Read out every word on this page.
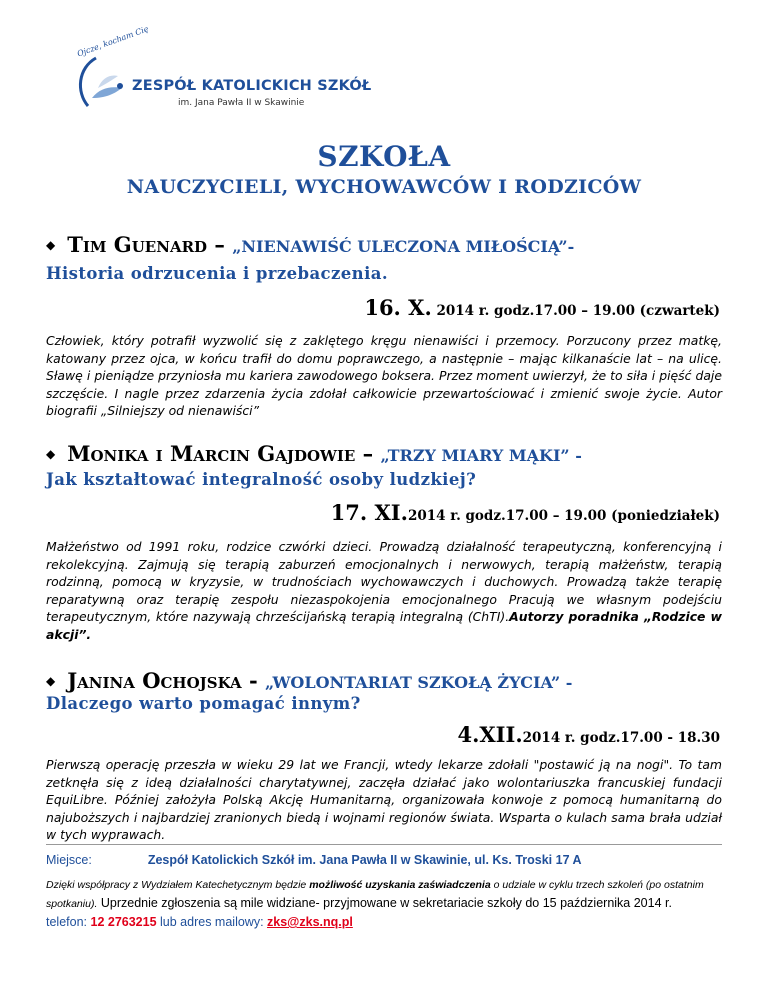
Ojcze, kocham Cię
ZESPÓŁ KATOLICKICH SZKÓŁ
im. Jana Pawła II w Skawinie
SZKOŁA
NAUCZYCIELI, WYCHOWAWCÓW I RODZICÓW
◆ Tim Guenard – „NIENAWIŚĆ ULECZONA MIŁOŚCIĄ”-
Historia odrzucenia i przebaczenia.
16. X. 2014 r. godz.17.00 – 19.00 (czwartek)
Człowiek, który potrafił wyzwolić się z zaklętego kręgu nienawiści i przemocy. Porzucony przez matkę, katowany przez ojca, w końcu trafił do domu poprawczego, a następnie – mając kilkanaście lat – na ulicę. Sławę i pieniądze przyniosła mu kariera zawodowego boksera. Przez moment uwierzył, że to siła i pięść daje szczęście. I nagle przez zdarzenia życia zdołał całkowicie przewartościować i zmienić swoje życie. Autor biografii „Silniejszy od nienawiści”
◆ Monika i Marcin Gajdowie – „TRZY MIARY MĄKI” -
Jak kształtować integralność osoby ludzkiej?
17. XI.2014 r. godz.17.00 – 19.00 (poniedziałek)
Małżeństwo od 1991 roku, rodzice czwórki dzieci. Prowadzą działalność terapeutyczną, konferencyjną i rekolekcyjną. Zajmują się terapią zaburzeń emocjonalnych i nerwowych, terapią małżeństw, terapią rodzinną, pomocą w kryzysie, w trudnościach wychowawczych i duchowych. Prowadzą także terapię reparatywną oraz terapię zespołu niezaspokojenia emocjonalnego Pracują we własnym podejściu terapeutycznym, które nazywają chrześcijańską terapią integralną (ChTI).Autorzy poradnika „Rodzice w akcji”.
◆ Janina Ochojska - „WOLONTARIAT SZKOŁĄ ŻYCIA” -
Dlaczego warto pomagać innym?
4.XII.2014 r. godz.17.00 - 18.30
Pierwszą operację przeszła w wieku 29 lat we Francji, wtedy lekarze zdołali "postawić ją na nogi". To tam zetknęła się z ideą działalności charytatywnej, zaczęła działać jako wolontariuszka francuskiej fundacji EquiLibre. Później założyła Polską Akcję Humanitarną, organizowała konwoje z pomocą humanitarną do najuboższych i najbardziej zranionych biedą i wojnami regionów świata. Wsparta o kulach sama brała udział w tych wyprawach.
Miejsce:	Zespół Katolickich Szkół im. Jana Pawła II w Skawinie, ul. Ks. Troski 17 A
Dzięki współpracy z Wydziałem Katechetycznym będzie możliwość uzyskania zaświadczenia o udziale w cyklu trzech szkoleń (po ostatnim spotkaniu). Uprzednie zgłoszenia są mile widziane- przyjmowane w sekretariacie szkoły do 15 października 2014 r.
telefon: 12 2763215 lub adres mailowy: zks@zks.nq.pl
